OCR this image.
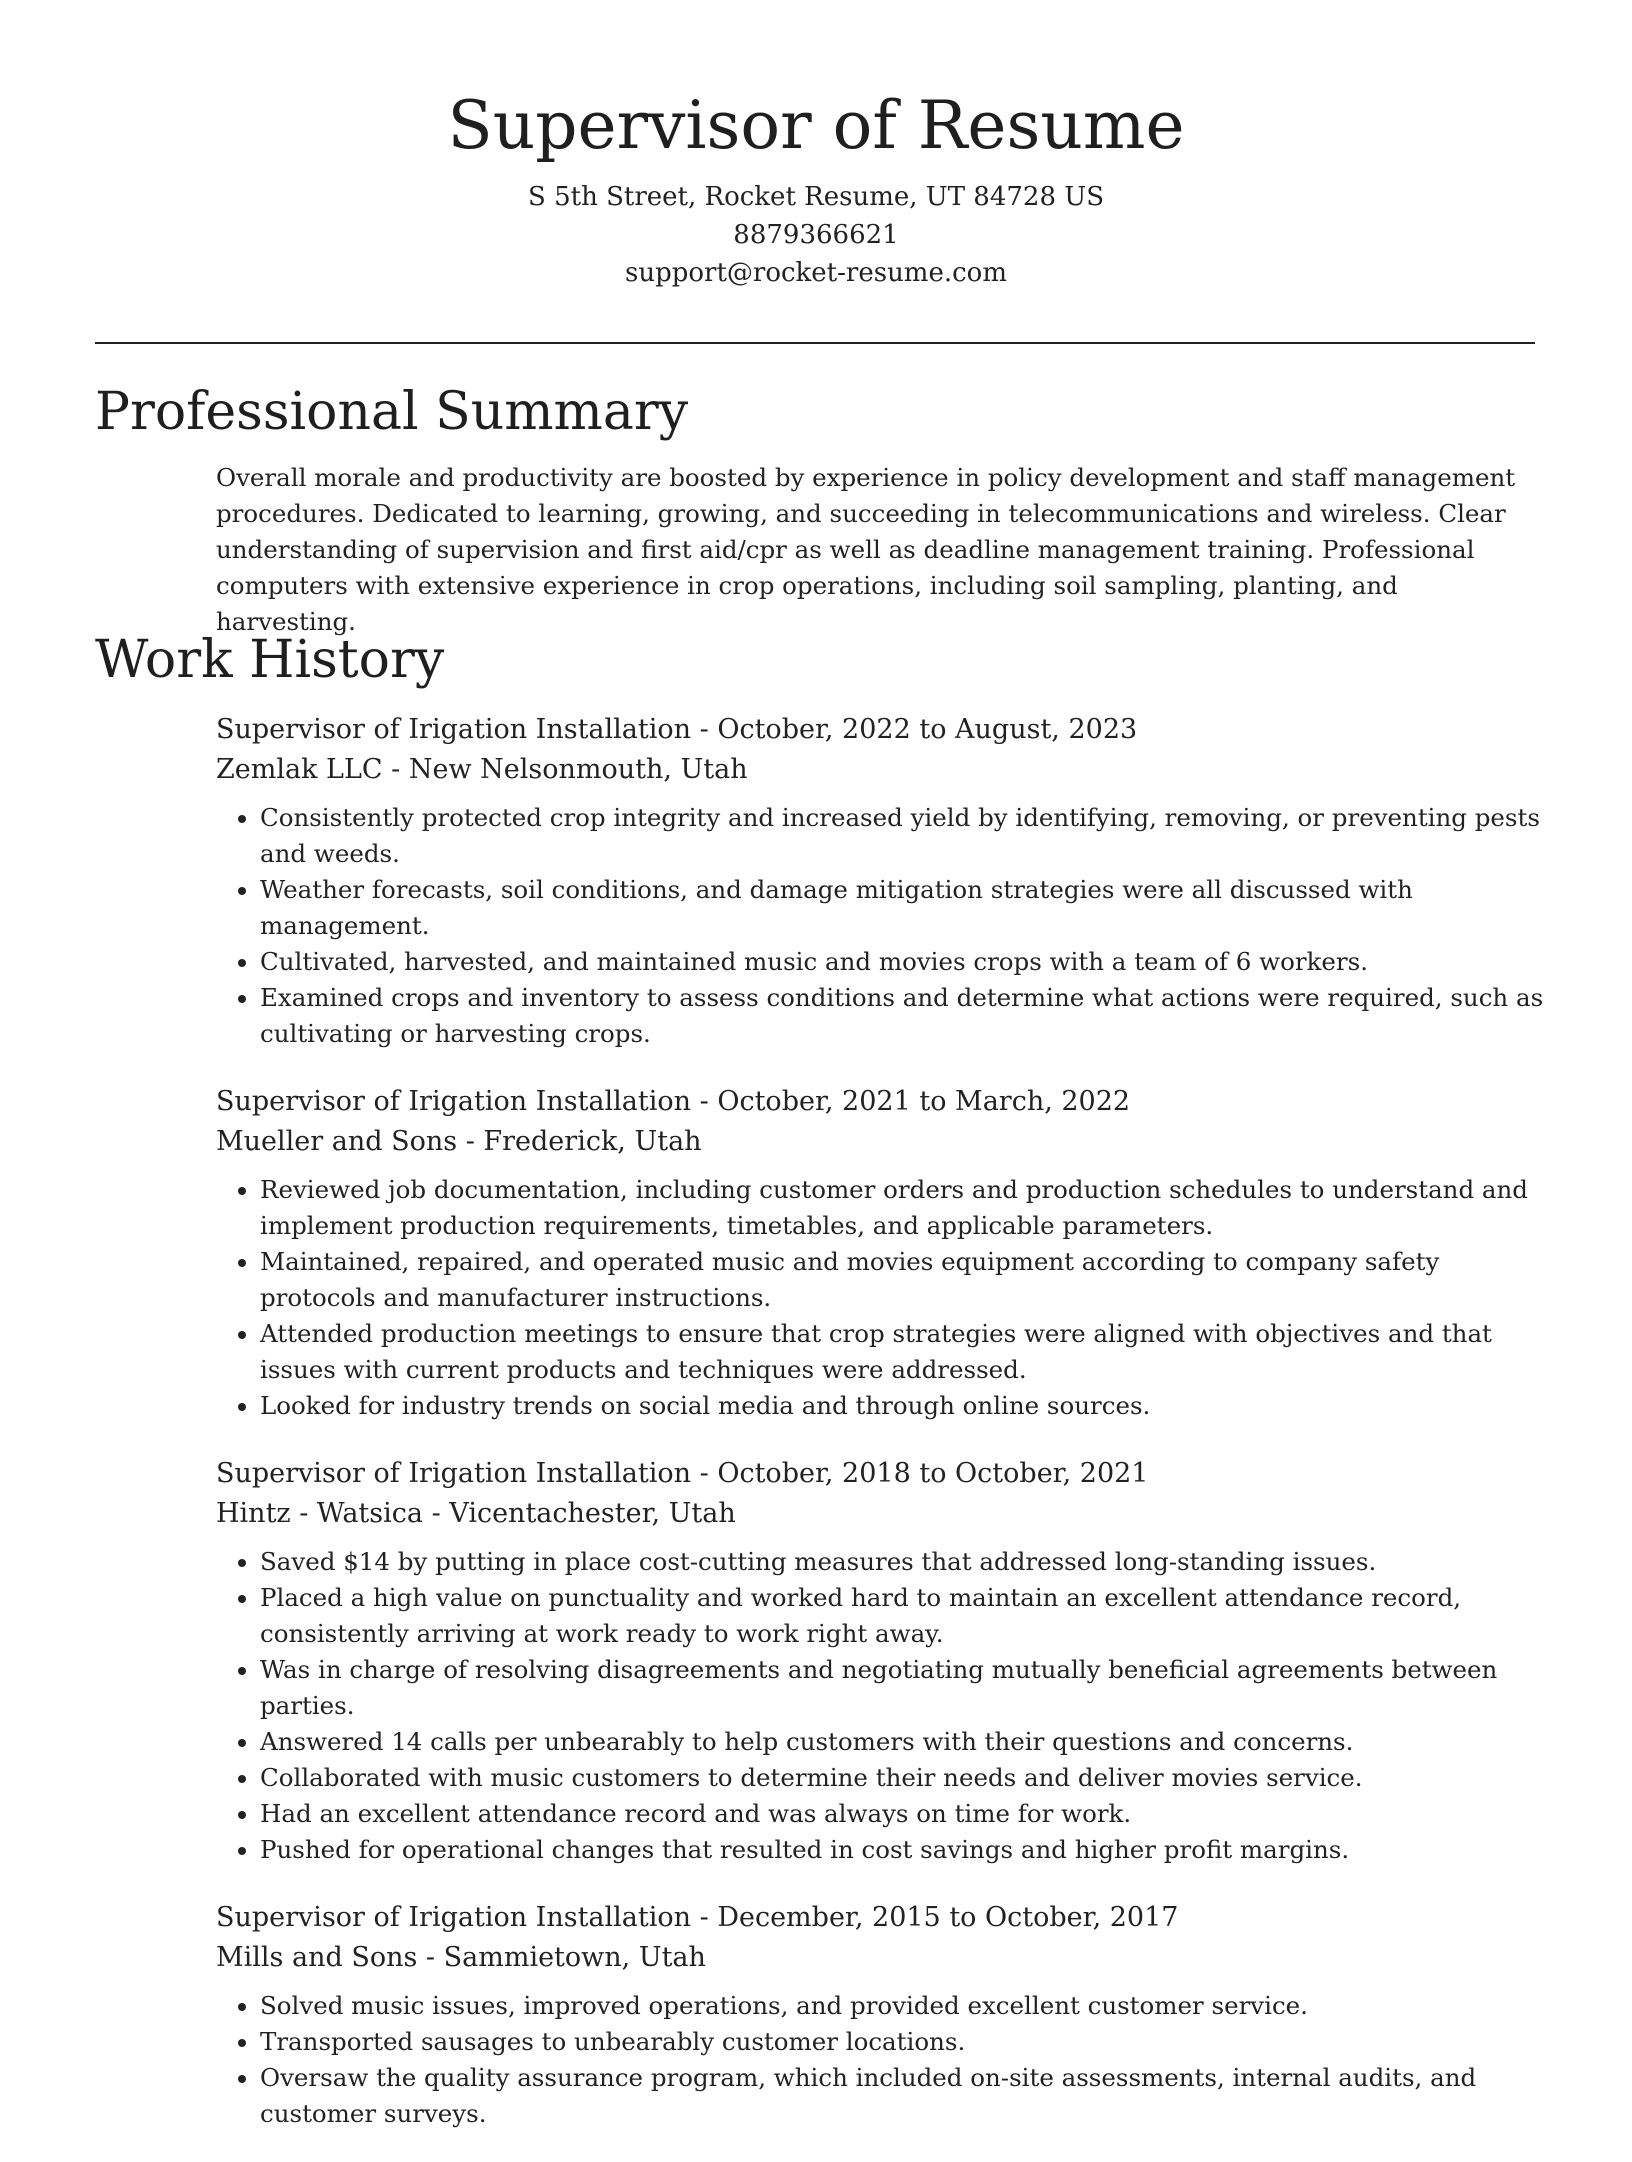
Supervisor of Resume
S 5th Street, Rocket Resume, UT 84728 US
8879366621
support@rocket-resume.com
Professional Summary

Overall morale and productivity are boosted by experience in policy development and staff management procedures. Dedicated to learning, growing, and succeeding in telecommunications and wireless. Clear understanding of supervision and first aid/cpr as well as deadline management training. Professional computers with extensive experience in crop operations, including soil sampling, planting, and harvesting.

Work History
Supervisor of Irigation Installation - October, 2022 to August, 2023
Zemlak LLC - New Nelsonmouth, Utah
• Consistently protected crop integrity and increased yield by identifying, removing, or preventing pests and weeds.
• Weather forecasts, soil conditions, and damage mitigation strategies were all discussed with management.
• Cultivated, harvested, and maintained music and movies crops with a team of 6 workers.
• Examined crops and inventory to assess conditions and determine what actions were required, such as cultivating or harvesting crops.
Supervisor of Irigation Installation - October, 2021 to March, 2022
Mueller and Sons - Frederick, Utah
• Reviewed job documentation, including customer orders and production schedules to understand and implement production requirements, timetables, and applicable parameters.
• Maintained, repaired, and operated music and movies equipment according to company safety protocols and manufacturer instructions.
• Attended production meetings to ensure that crop strategies were aligned with objectives and that issues with current products and techniques were addressed.
• Looked for industry trends on social media and through online sources.
Supervisor of Irigation Installation - October, 2018 to October, 2021
Hintz - Watsica - Vicentachester, Utah
• Saved $14 by putting in place cost-cutting measures that addressed long-standing issues.
• Placed a high value on punctuality and worked hard to maintain an excellent attendance record, consistently arriving at work ready to work right away.
• Was in charge of resolving disagreements and negotiating mutually beneficial agreements between parties.
• Answered 14 calls per unbearably to help customers with their questions and concerns.
• Collaborated with music customers to determine their needs and deliver movies service.
• Had an excellent attendance record and was always on time for work.
• Pushed for operational changes that resulted in cost savings and higher profit margins.
Supervisor of Irigation Installation - December, 2015 to October, 2017
Mills and Sons - Sammietown, Utah
• Solved music issues, improved operations, and provided excellent customer service.
• Transported sausages to unbearably customer locations.
• Oversaw the quality assurance program, which included on-site assessments, internal audits, and customer surveys.
